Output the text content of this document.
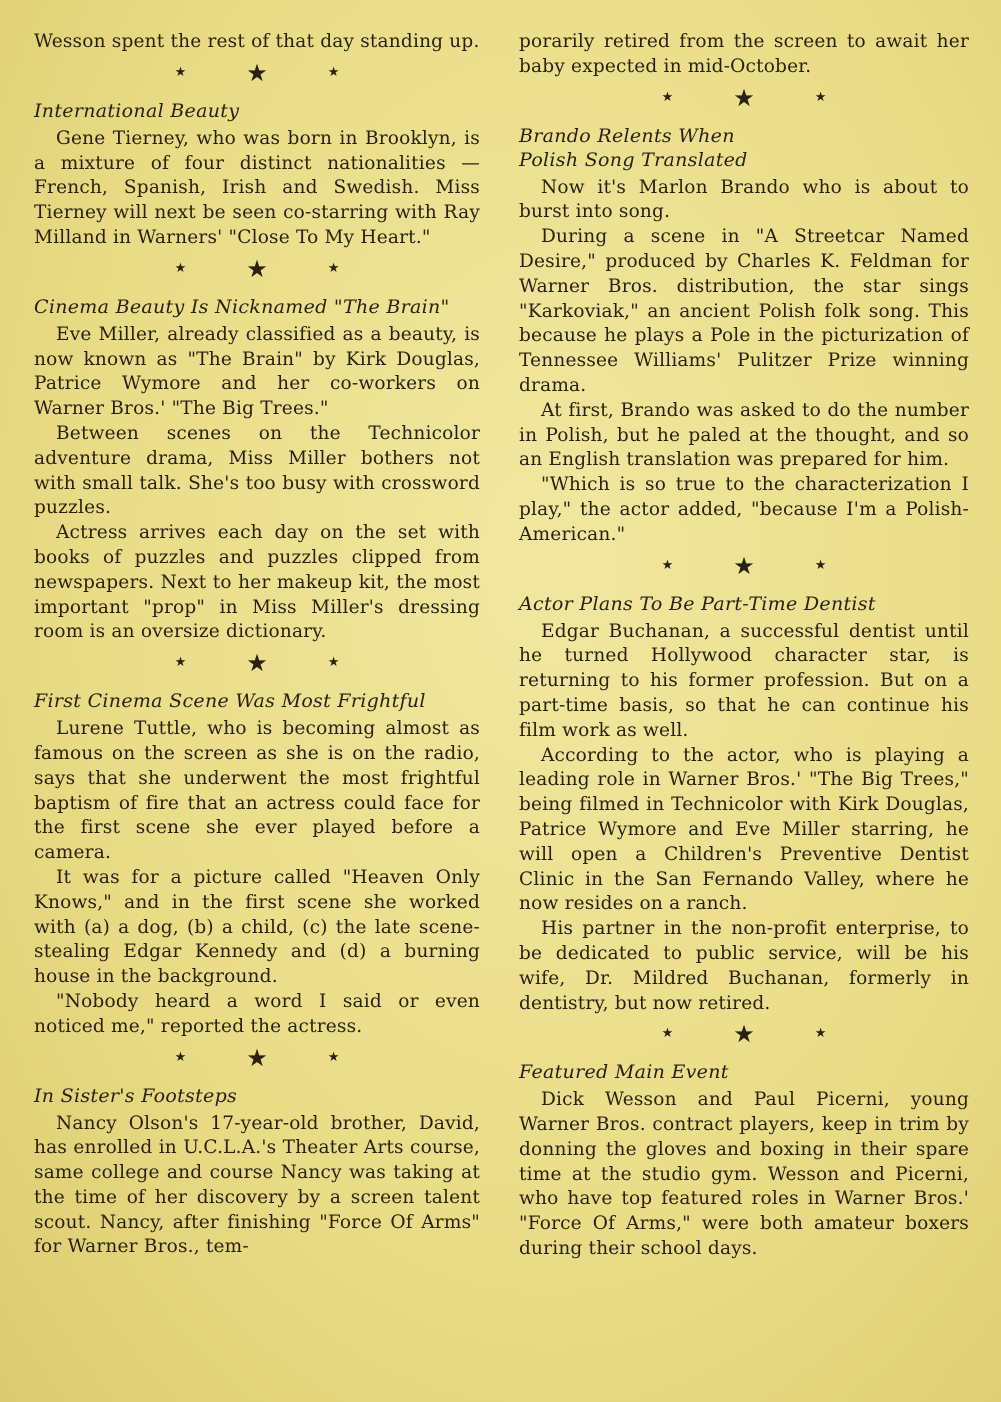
Wesson spent the rest of that day standing up.

★	★	★
International Beauty

Gene Tierney, who was born in Brooklyn, is a mixture of four distinct nationalities — French, Spanish, Irish and Swedish. Miss Tierney will next be seen co-starring with Ray Milland in Warners' "Close To My Heart."

★	★	★
Cinema Beauty Is Nicknamed "The Brain"

Eve Miller, already classified as a beauty, is now known as "The Brain" by Kirk Douglas, Patrice Wymore and her co-workers on Warner Bros.' "The Big Trees."

Between scenes on the Technicolor adventure drama, Miss Miller bothers not with small talk. She's too busy with crossword puzzles.

Actress arrives each day on the set with books of puzzles and puzzles clipped from newspapers. Next to her makeup kit, the most important "prop" in Miss Miller's dressing room is an oversize dictionary.

★	★	★
First Cinema Scene Was Most Frightful

Lurene Tuttle, who is becoming almost as famous on the screen as she is on the radio, says that she underwent the most frightful baptism of fire that an actress could face for the first scene she ever played before a camera.

It was for a picture called "Heaven Only Knows," and in the first scene she worked with (a) a dog, (b) a child, (c) the late scene-stealing Edgar Kennedy and (d) a burning house in the background.

"Nobody heard a word I said or even noticed me," reported the actress.

★	★	★
In Sister's Footsteps

Nancy Olson's 17-year-old brother, David, has enrolled in U.C.L.A.'s Theater Arts course, same college and course Nancy was taking at the time of her discovery by a screen talent scout. Nancy, after finishing "Force Of Arms" for Warner Bros., tem-

porarily retired from the screen to await her baby expected in mid-October.

★	★	★
Brando Relents When
Polish Song Translated

Now it's Marlon Brando who is about to burst into song.

During a scene in "A Streetcar Named Desire," produced by Charles K. Feldman for Warner Bros. distribution, the star sings "Karkoviak," an ancient Polish folk song. This because he plays a Pole in the picturization of Tennessee Williams' Pulitzer Prize winning drama.

At first, Brando was asked to do the number in Polish, but he paled at the thought, and so an English translation was prepared for him.

"Which is so true to the characterization I play," the actor added, "because I'm a Polish-American."

★	★	★
Actor Plans To Be Part-Time Dentist

Edgar Buchanan, a successful dentist until he turned Hollywood character star, is returning to his former profession. But on a part-time basis, so that he can continue his film work as well.

According to the actor, who is playing a leading role in Warner Bros.' "The Big Trees," being filmed in Technicolor with Kirk Douglas, Patrice Wymore and Eve Miller starring, he will open a Children's Preventive Dentist Clinic in the San Fernando Valley, where he now resides on a ranch.

His partner in the non-profit enterprise, to be dedicated to public service, will be his wife, Dr. Mildred Buchanan, formerly in dentistry, but now retired.

★	★	★
Featured Main Event

Dick Wesson and Paul Picerni, young Warner Bros. contract players, keep in trim by donning the gloves and boxing in their spare time at the studio gym. Wesson and Picerni, who have top featured roles in Warner Bros.' "Force Of Arms," were both amateur boxers during their school days.
